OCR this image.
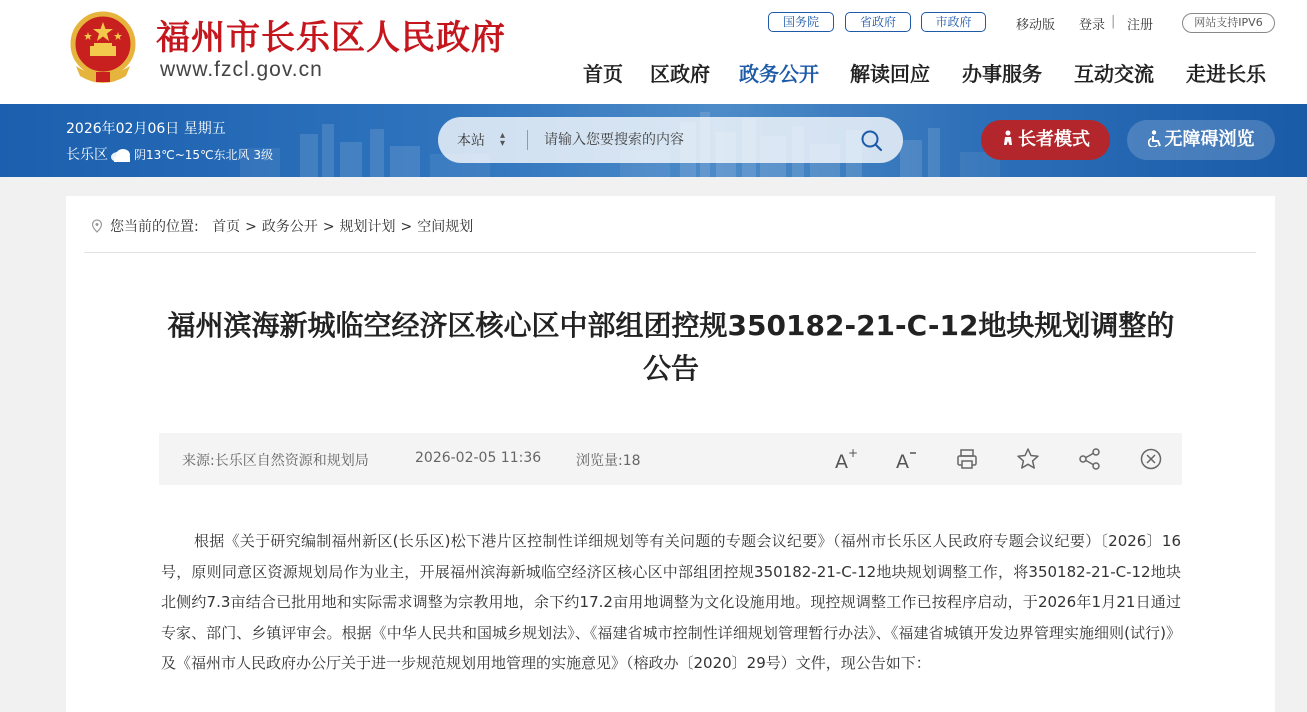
福州市长乐区人民政府
www.fzcl.gov.cn
国务院	省政府	市政府	移动版 登录 | 注册	网站支持IPV6
首页 区政府 政务公开 解读回应 办事服务 互动交流 走进长乐
2026年02月06日 星期五
长乐区 阴13℃~15℃东北风 3级
本站 ▴
▾
请输入您要搜索的内容	长者模式	无障碍浏览
您当前的位置: 首页 > 政务公开 > 规划计划 > 空间规划
福州滨海新城临空经济区核心区中部组团控规350182-21-C-12地块规划调整的公告
来源:长乐区自然资源和规划局	2026-02-05 11:36 浏览量:18	A + A

根据《关于研究编制福州新区(长乐区)松下港片区控制性详细规划等有关问题的专题会议纪要》（福州市长乐区人民政府专题会议纪要）〔2026〕16号，原则同意区资源规划局作为业主，开展福州滨海新城临空经济区核心区中部组团控规350182-21-C-12地块规划调整工作，将350182-21-C-12地块北侧约7.3亩结合已批用地和实际需求调整为宗教用地，余下约17.2亩用地调整为文化设施用地。现控规调整工作已按程序启动，于2026年1月21日通过专家、部门、乡镇评审会。根据《中华人民共和国城乡规划法》、《福建省城市控制性详细规划管理暂行办法》、《福建省城镇开发边界管理实施细则(试行)》及《福州市人民政府办公厅关于进一步规范规划用地管理的实施意见》（榕政办〔2020〕29号）文件，现公告如下：
